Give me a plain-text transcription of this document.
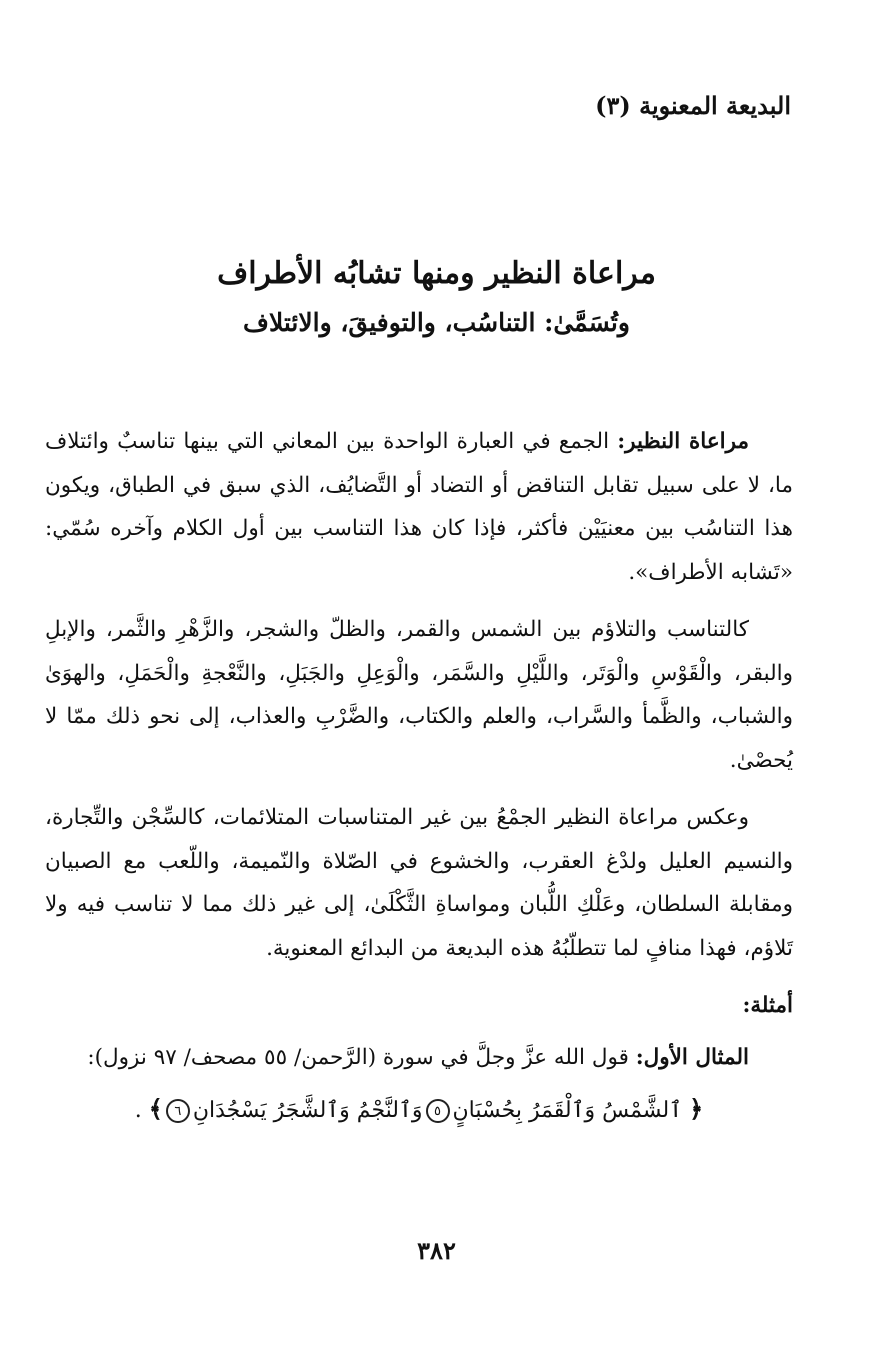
البديعة المعنوية (٣)
مراعاة النظير ومنها تشابُه الأطراف
وتُسَمَّىٰ: التناسُب، والتوفيقَ، والائتلاف

مراعاة النظير: الجمع في العبارة الواحدة بين المعاني التي بينها تناسبٌ وائتلاف ما، لا على سبيل تقابل التناقض أو التضاد أو التَّضايُف، الذي سبق في الطباق، ويكون هذا التناسُب بين معنيَيْن فأكثر، فإذا كان هذا التناسب بين أول الكلام وآخره سُمّي: «تَشابه الأطراف».

كالتناسب والتلاؤم بين الشمس والقمر، والظلّ والشجر، والزَّهْرِ والثَّمر، والإبلِ والبقر، والْقَوْسِ والْوَتَر، واللَّيْلِ والسَّمَر، والْوَعِلِ والجَبَلِ، والنَّعْجةِ والْحَمَلِ، والهوَىٰ والشباب، والظَّمأ والسَّراب، والعلم والكتاب، والضَّرْبِ والعذاب، إلى نحو ذلك ممّا لا يُحصْىٰ.

وعكس مراعاة النظير الجمْعُ بين غير المتناسبات المتلائمات، كالسِّجْن والتِّجارة، والنسيم العليل ولدْغ العقرب، والخشوع في الصّلاة والنّميمة، واللّعب مع الصبيان ومقابلة السلطان، وعَلْكِ اللُّبان ومواساةِ الثَّكْلَىٰ، إلى غير ذلك مما لا تناسب فيه ولا تَلاؤم، فهذا منافٍ لما تتطلّبُهُ هذه البديعة من البدائع المعنوية.

أمثلة:

المثال الأول: قول الله عزَّ وجلَّ في سورة (الرَّحمن/ ٥٥ مصحف/ ٩٧ نزول):

﴿ ٱلشَّمْسُ وَٱلْقَمَرُ بِحُسْبَانٍ٥وَٱلنَّجْمُ وَٱلشَّجَرُ يَسْجُدَانِ٦﴾ .

٣٨٢
